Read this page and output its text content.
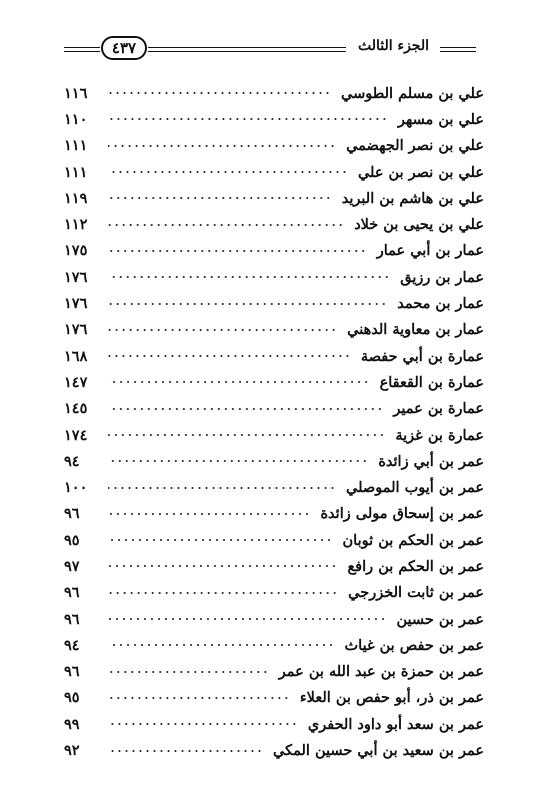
٤٣٧	الجزء الثالث
علي بن مسلم الطوسي
١١٦
علي بن مسهر
١١٠
علي بن نصر الجهضمي
١١١
علي بن نصر بن علي
١١١
علي بن هاشم بن البريد
١١٩
علي بن يحيى بن خلاد
١١٢
عمار بن أبي عمار
١٧٥
عمار بن رزيق
١٧٦
عمار بن محمد
١٧٦
عمار بن معاوية الدهني
١٧٦
عمارة بن أبي حفصة
١٦٨
عمارة بن القعقاع
١٤٧
عمارة بن عمير
١٤٥
عمارة بن غزية
١٧٤
عمر بن أبي زائدة
٩٤
عمر بن أيوب الموصلي
١٠٠
عمر بن إسحاق مولى زائدة
٩٦
عمر بن الحكم بن ثوبان
٩٥
عمر بن الحكم بن رافع
٩٧
عمر بن ثابت الخزرجي
٩٦
عمر بن حسين
٩٦
عمر بن حفص بن غياث
٩٤
عمر بن حمزة بن عبد الله بن عمر
٩٦
عمر بن ذر، أبو حفص بن العلاء
٩٥
عمر بن سعد أبو داود الحفري
٩٩
عمر بن سعيد بن أبي حسين المكي
٩٢
